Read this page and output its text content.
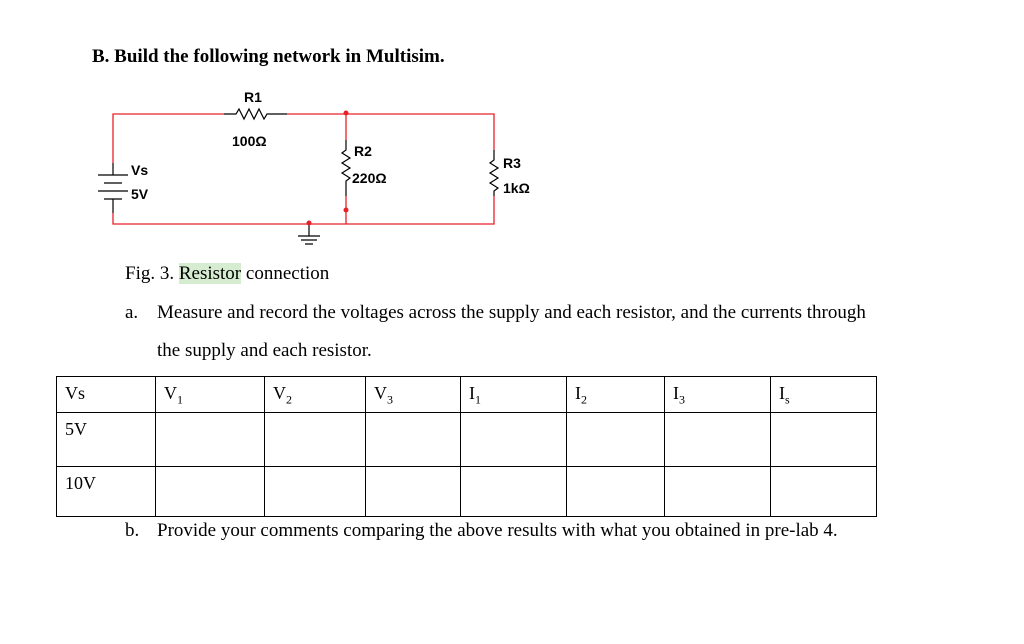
B. Build the following network in Multisim.
R1
100Ω
R2
220Ω
R3
1kΩ
Vs
5V
Fig. 3. Resistor connection
a. Measure and record the voltages across the supply and each resistor, and the currents through
the supply and each resistor.
Vs	$V_1$	$V_2$	$V_3$	$I_1$	$I_2$	$I_3$	$I_s$
5V							
10V							
b. Provide your comments comparing the above results with what you obtained in pre-lab 4.
